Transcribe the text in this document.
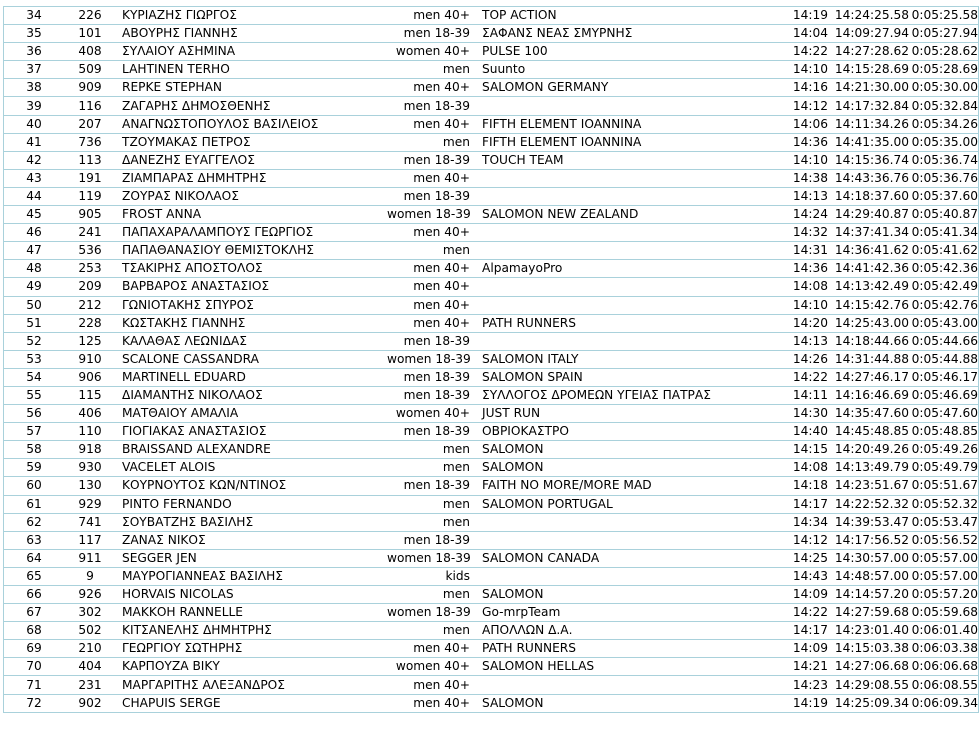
34	226	ΚΥΡΙΑΖΗΣ ΓΙΩΡΓΟΣ	men 40+	TOP ACTION	14:19	14:24:25.58	0:05:25.58
35	101	ΑΒΟΥΡΗΣ ΓΙΑΝΝΗΣ	men 18-39	ΣΑΦΑΝΣ ΝΕΑΣ ΣΜΥΡΝΗΣ	14:04	14:09:27.94	0:05:27.94
36	408	ΣΥΛΑΙΟΥ ΑΣΗΜΙΝΑ	women 40+	PULSE 100	14:22	14:27:28.62	0:05:28.62
37	509	LAHTINEN TERHO	men	Suunto	14:10	14:15:28.69	0:05:28.69
38	909	REPKE STEPHAN	men 40+	SALOMON GERMANY	14:16	14:21:30.00	0:05:30.00
39	116	ΖΑΓΑΡΗΣ ΔΗΜΟΣΘΕΝΗΣ	men 18-39		14:12	14:17:32.84	0:05:32.84
40	207	ΑΝΑΓΝΩΣΤΟΠΟΥΛΟΣ ΒΑΣΙΛΕΙΟΣ	men 40+	FIFTH ELEMENT IOANNINA	14:06	14:11:34.26	0:05:34.26
41	736	ΤΖΟΥΜΑΚΑΣ ΠΕΤΡΟΣ	men	FIFTH ELEMENT IOANNINA	14:36	14:41:35.00	0:05:35.00
42	113	ΔΑΝΕΖΗΣ ΕΥΑΓΓΕΛΟΣ	men 18-39	TOUCH TEAM	14:10	14:15:36.74	0:05:36.74
43	191	ΖΙΑΜΠΑΡΑΣ ΔΗΜΗΤΡΗΣ	men 40+		14:38	14:43:36.76	0:05:36.76
44	119	ΖΟΥΡΑΣ ΝΙΚΟΛΑΟΣ	men 18-39		14:13	14:18:37.60	0:05:37.60
45	905	FROST ANNA	women 18-39	SALOMON NEW ZEALAND	14:24	14:29:40.87	0:05:40.87
46	241	ΠΑΠΑΧΑΡΑΛΑΜΠΟΥΣ ΓΕΩΡΓΙΟΣ	men 40+		14:32	14:37:41.34	0:05:41.34
47	536	ΠΑΠΑΘΑΝΑΣΙΟΥ ΘΕΜΙΣΤΟΚΛΗΣ	men		14:31	14:36:41.62	0:05:41.62
48	253	ΤΣΑΚΙΡΗΣ ΑΠΟΣΤΟΛΟΣ	men 40+	AlpamayoPro	14:36	14:41:42.36	0:05:42.36
49	209	ΒΑΡΒΑΡΟΣ ΑΝΑΣΤΑΣΙΟΣ	men 40+		14:08	14:13:42.49	0:05:42.49
50	212	ΓΩΝΙΟΤΑΚΗΣ ΣΠΥΡΟΣ	men 40+		14:10	14:15:42.76	0:05:42.76
51	228	ΚΩΣΤΑΚΗΣ ΓΙΑΝΝΗΣ	men 40+	PATH RUNNERS	14:20	14:25:43.00	0:05:43.00
52	125	ΚΑΛΑΘΑΣ ΛΕΩΝΙΔΑΣ	men 18-39		14:13	14:18:44.66	0:05:44.66
53	910	SCALONE CASSANDRA	women 18-39	SALOMON ITALY	14:26	14:31:44.88	0:05:44.88
54	906	MARTINELL EDUARD	men 18-39	SALOMON SPAIN	14:22	14:27:46.17	0:05:46.17
55	115	ΔΙΑΜΑΝΤΗΣ ΝΙΚΟΛΑΟΣ	men 18-39	ΣΥΛΛΟΓΟΣ ΔΡΟΜΕΩΝ ΥΓΕΙΑΣ ΠΑΤΡΑΣ	14:11	14:16:46.69	0:05:46.69
56	406	ΜΑΤΘΑΙΟΥ ΑΜΑΛΙΑ	women 40+	JUST RUN	14:30	14:35:47.60	0:05:47.60
57	110	ΓΙΟΓΙΑΚΑΣ ΑΝΑΣΤΑΣΙΟΣ	men 18-39	ΟΒΡΙΟΚΑΣΤΡΟ	14:40	14:45:48.85	0:05:48.85
58	918	BRAISSAND ALEXANDRE	men	SALOMON	14:15	14:20:49.26	0:05:49.26
59	930	VACELET ALOIS	men	SALOMON	14:08	14:13:49.79	0:05:49.79
60	130	ΚΟΥΡΝΟΥΤΟΣ ΚΩΝ/ΝΤΙΝΟΣ	men 18-39	FAITH NO MORE/MORE MAD	14:18	14:23:51.67	0:05:51.67
61	929	PINTO FERNANDO	men	SALOMON PORTUGAL	14:17	14:22:52.32	0:05:52.32
62	741	ΣΟΥΒΑΤΖΗΣ ΒΑΣΙΛΗΣ	men		14:34	14:39:53.47	0:05:53.47
63	117	ΖΑΝΑΣ ΝΙΚΟΣ	men 18-39		14:12	14:17:56.52	0:05:56.52
64	911	SEGGER JEN	women 18-39	SALOMON CANADA	14:25	14:30:57.00	0:05:57.00
65	9	ΜΑΥΡΟΓΙΑΝΝΕΑΣ ΒΑΣΙΛΗΣ	kids		14:43	14:48:57.00	0:05:57.00
66	926	HORVAIS NICOLAS	men	SALOMON	14:09	14:14:57.20	0:05:57.20
67	302	ΜΑΚΚΟΗ RANNELLE	women 18-39	Go-mrpTeam	14:22	14:27:59.68	0:05:59.68
68	502	ΚΙΤΣΑΝΕΛΗΣ ΔΗΜΗΤΡΗΣ	men	ΑΠΟΛΛΩΝ Δ.Α.	14:17	14:23:01.40	0:06:01.40
69	210	ΓΕΩΡΓΙΟΥ ΣΩΤΗΡΗΣ	men 40+	PATH RUNNERS	14:09	14:15:03.38	0:06:03.38
70	404	ΚΑΡΠΟΥΖΑ ΒΙΚΥ	women 40+	SALOMON HELLAS	14:21	14:27:06.68	0:06:06.68
71	231	ΜΑΡΓΑΡΙΤΗΣ ΑΛΕΞΑΝΔΡΟΣ	men 40+		14:23	14:29:08.55	0:06:08.55
72	902	CHAPUIS SERGE	men 40+	SALOMON	14:19	14:25:09.34	0:06:09.34
